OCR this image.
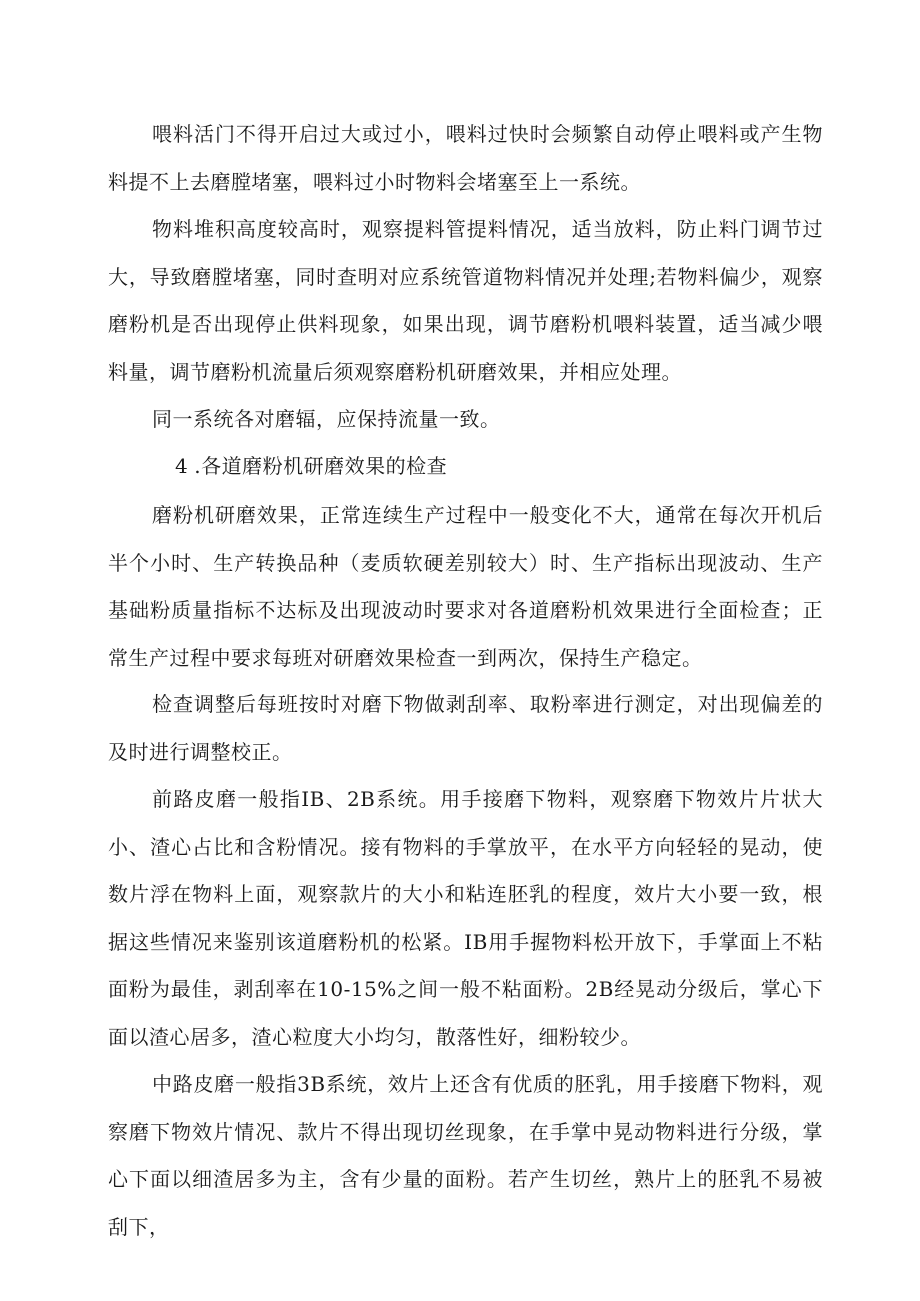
喂料活门不得开启过大或过小，喂料过快时会频繁自动停止喂料或产生物料提不上去磨膛堵塞，喂料过小时物料会堵塞至上一系统。

物料堆积高度较高时，观察提料管提料情况，适当放料，防止料门调节过大，导致磨膛堵塞，同时查明对应系统管道物料情况并处理;若物料偏少，观察磨粉机是否出现停止供料现象，如果出现，调节磨粉机喂料装置，适当减少喂料量，调节磨粉机流量后须观察磨粉机研磨效果，并相应处理。

同一系统各对磨辐，应保持流量一致。

4 .各道磨粉机研磨效果的检查

磨粉机研磨效果，正常连续生产过程中一般变化不大，通常在每次开机后半个小时、生产转换品种（麦质软硬差别较大）时、生产指标出现波动、生产基础粉质量指标不达标及出现波动时要求对各道磨粉机效果进行全面检查；正常生产过程中要求每班对研磨效果检查一到两次，保持生产稳定。

检查调整后每班按时对磨下物做剥刮率、取粉率进行测定，对出现偏差的及时进行调整校正。

前路皮磨一般指IB、2B系统。用手接磨下物料，观察磨下物效片片状大小、渣心占比和含粉情况。接有物料的手掌放平，在水平方向轻轻的晃动，使数片浮在物料上面，观察款片的大小和粘连胚乳的程度，效片大小要一致，根据这些情况来鉴别该道磨粉机的松紧。IB用手握物料松开放下，手掌面上不粘面粉为最佳，剥刮率在10-15%之间一般不粘面粉。2B经晃动分级后，掌心下面以渣心居多，渣心粒度大小均匀，散落性好，细粉较少。

中路皮磨一般指3B系统，效片上还含有优质的胚乳，用手接磨下物料，观察磨下物效片情况、款片不得出现切丝现象，在手掌中晃动物料进行分级，掌心下面以细渣居多为主，含有少量的面粉。若产生切丝，熟片上的胚乳不易被刮下，
